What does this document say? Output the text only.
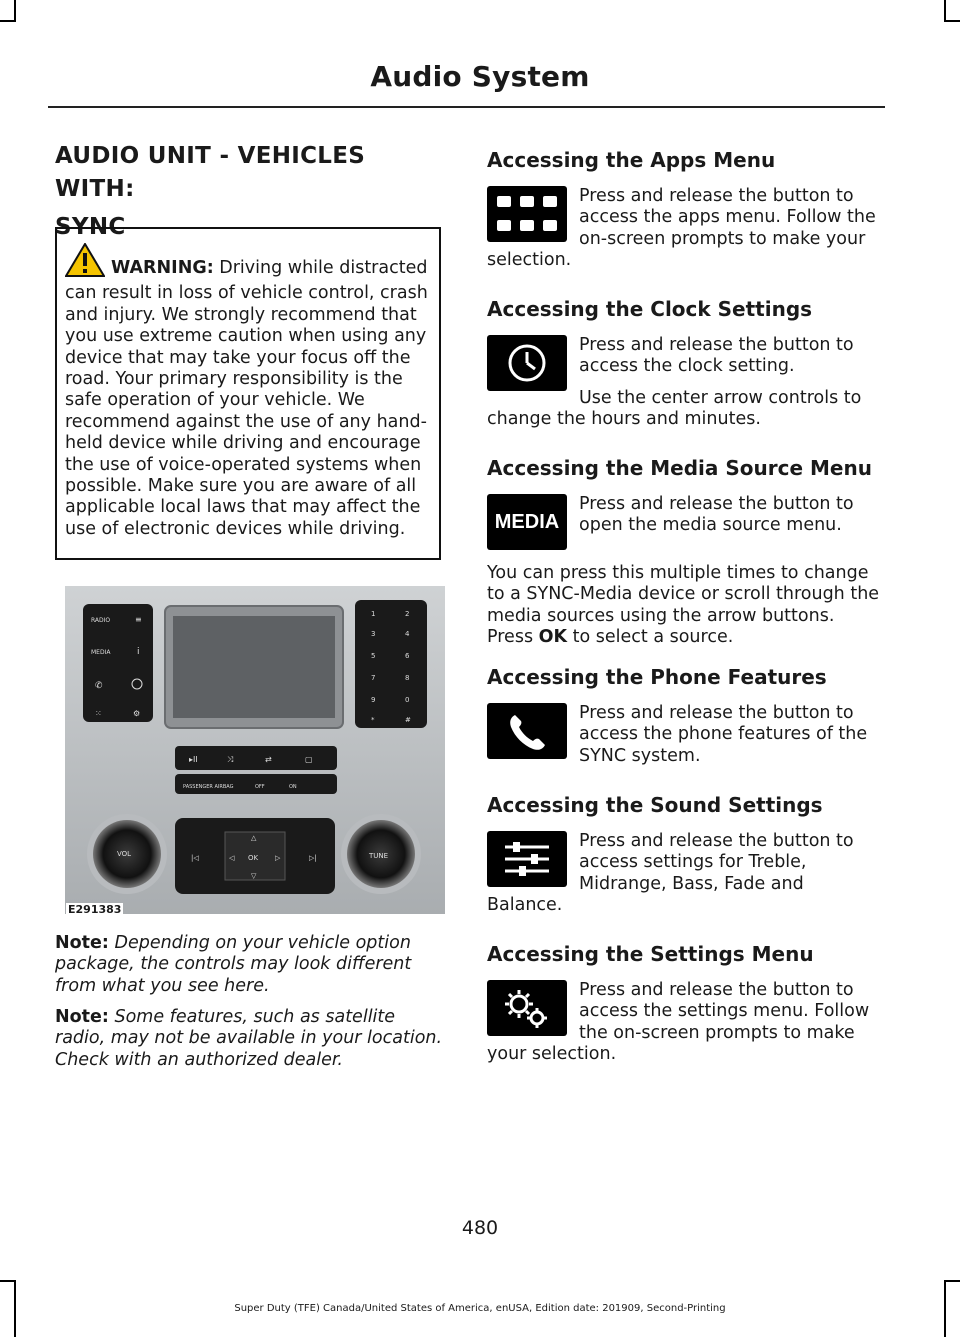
Audio System
AUDIO UNIT - VEHICLES WITH:
SYNC
WARNING: Driving while distracted can result in loss of vehicle control, crash and injury. We strongly recommend that you use extreme caution when using any device that may take your focus off the road. Your primary responsibility is the safe operation of your vehicle. We recommend against the use of any hand-held device while driving and encourage the use of voice-operated systems when possible. Make sure you are aware of all applicable local laws that may affect the use of electronic devices while driving.
RADIO
MEDIA
≡
i
✆
⁙	⚙
1	2
3	4
5	6
7	8
9	0
*	#
▸II	⤨	⇄	▢
PASSENGER AIRBAG	OFF	ON
VOL	TUNE
OK
△
▽
◁	▷
|◁	▷|
E291383
Note: Depending on your vehicle option package, the controls may look different from what you see here.
Note: Some features, such as satellite radio, may not be available in your location. Check with an authorized dealer.
Accessing the Apps Menu
Press and release the button to access the apps menu. Follow the on-screen prompts to make your selection.
Accessing the Clock Settings
Press and release the button to access the clock setting.
Use the center arrow controls to change the hours and minutes.
Accessing the Media Source Menu
MEDIA
Press and release the button to open the media source menu.
You can press this multiple times to change to a SYNC-Media device or scroll through the media sources using the arrow buttons. Press OK to select a source.
Accessing the Phone Features
Press and release the button to access the phone features of the SYNC system.
Accessing the Sound Settings
Press and release the button to access settings for Treble, Midrange, Bass, Fade and Balance.
Accessing the Settings Menu
Press and release the button to access the settings menu. Follow the on-screen prompts to make your selection.
480
Super Duty (TFE) Canada/United States of America, enUSA, Edition date: 201909, Second-Printing
